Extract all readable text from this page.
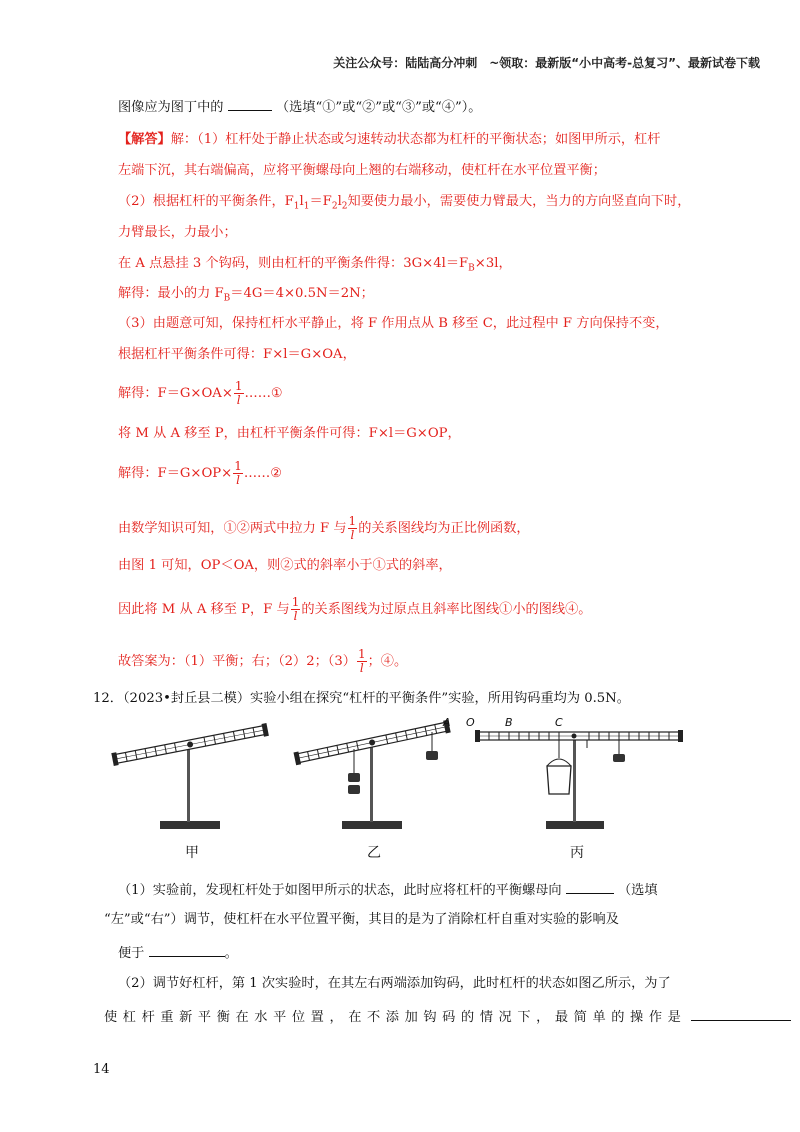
关注公众号：陆陆高分冲刺　~领取：最新版“小中高考-总复习”、最新试卷下载
图像应为图丁中的	（选填“①”或“②”或“③”或“④”）。
【解答】解：（1）杠杆处于静止状态或匀速转动状态都为杠杆的平衡状态；如图甲所示，杠杆
左端下沉，其右端偏高，应将平衡螺母向上翘的右端移动，使杠杆在水平位置平衡；
（2）根据杠杆的平衡条件，$F_1l_1=F_2l_2$知要使力最小，需要使力臂最大，当力的方向竖直向下时，
力臂最长，力最小；
在 A 点悬挂 3 个钩码，则由杠杆的平衡条件得：$3G\times 4l=F_B\times 3l$，
解得：最小的力 $F_B=4G=4\times 0.5N=2N$；
（3）由题意可知，保持杠杆水平静止，将 F 作用点从 B 移至 C，此过程中 F 方向保持不变，
根据杠杆平衡条件可得：F×l＝G×OA，
解得：$F=G\times OA\times \frac{1}{l}$ ……①
将 M 从 A 移至 P，由杠杆平衡条件可得：F×l＝G×OP，
解得：$F=G\times OP\times \frac{1}{l}$ ……②
由数学知识可知，①②两式中拉力 F 与 $\frac{1}{l}$ 的关系图线均为正比例函数，
由图 1 可知，OP＜OA，则②式的斜率小于①式的斜率，
因此将 M 从 A 移至 P，F 与 $\frac{1}{l}$ 的关系图线为过原点且斜率比图线①小的图线④。
故答案为：（1）平衡；右；（2）2；$(3) \frac{1}{l}$ ；④。
12．（2023•封丘县二模）实验小组在探究“杠杆的平衡条件”实验，所用钩码重均为 0.5N。
A O	B	C
甲	乙	丙
（1）实验前，发现杠杆处于如图甲所示的状态，此时应将杠杆的平衡螺母向	（选填
“左”或“右”）调节，使杠杆在水平位置平衡，其目的是为了消除杠杆自重对实验的影响及
便于	。
（2）调节好杠杆，第 1 次实验时，在其左右两端添加钩码，此时杠杆的状态如图乙所示，为了
使杠杆重新平衡在水平位置，在不添加钩码的情况下，最简单的操作是
14
